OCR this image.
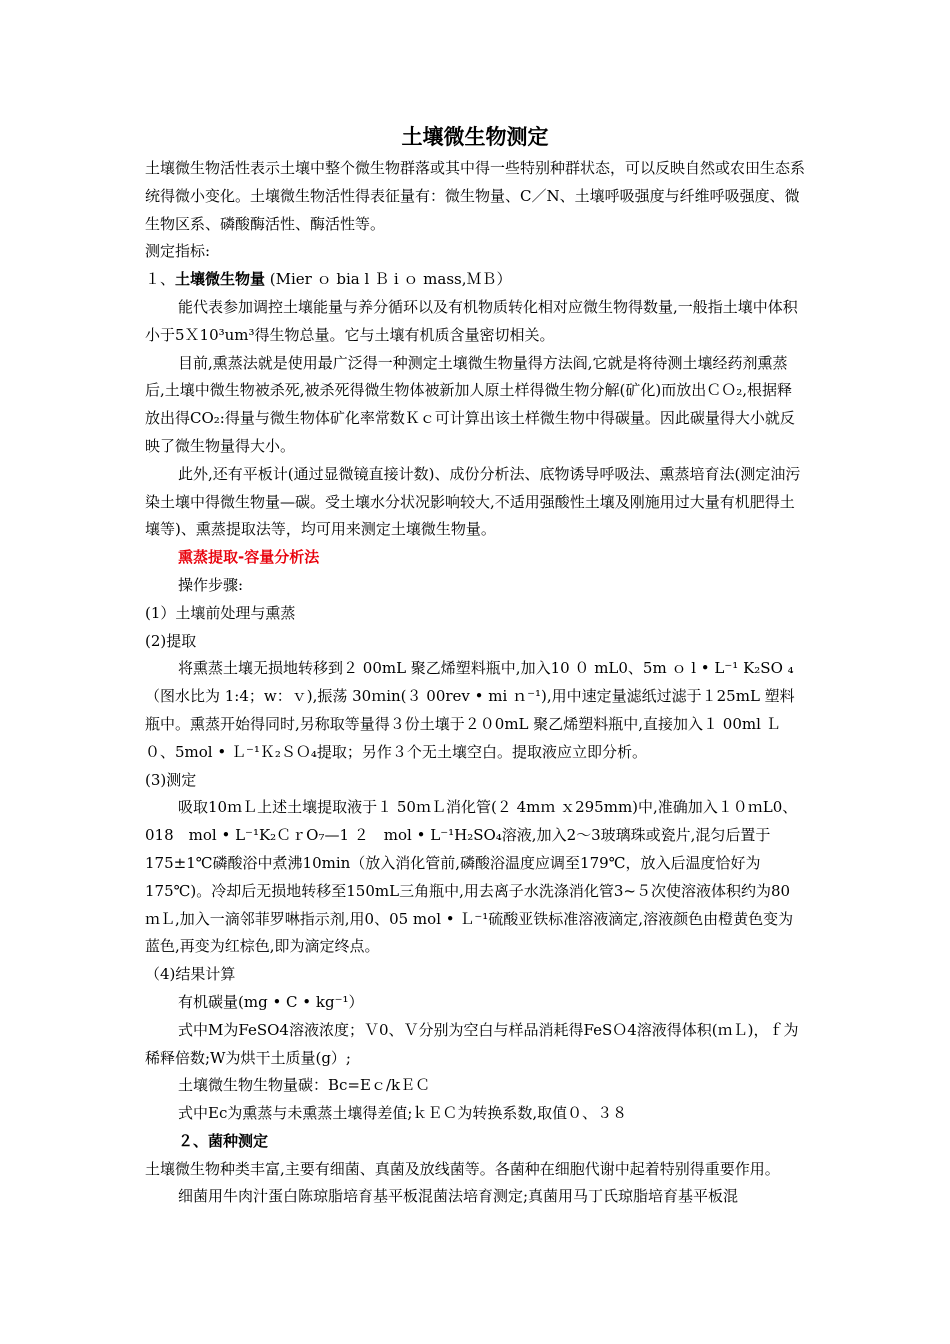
土壤微生物测定

土壤微生物活性表示土壤中整个微生物群落或其中得一些特别种群状态，可以反映自然或农田生态系统得微小变化。土壤微生物活性得表征量有：微生物量、C／N、土壤呼吸强度与纤维呼吸强度、微生物区系、磷酸酶活性、酶活性等。

测定指标:

１、土壤微生物量 (Mier ｏ bia l Ｂ i ｏ mass,ＭＢ）

能代表参加调控土壤能量与养分循环以及有机物质转化相对应微生物得数量,一般指土壤中体积小于5Ｘ10³um³得生物总量。它与土壤有机质含量密切相关。

目前,熏蒸法就是使用最广泛得一种测定土壤微生物量得方法阎,它就是将待测土壤经药剂熏蒸后,土壤中微生物被杀死,被杀死得微生物体被新加人原土样得微生物分解(矿化)而放出ＣＯ₂,根据释放出得CO₂:得量与微生物体矿化率常数Ｋｃ可计算出该土样微生物中得碳量。因此碳量得大小就反映了微生物量得大小。

此外,还有平板计(通过显微镜直接计数)、成份分析法、底物诱导呼吸法、熏蒸培育法(测定油污染土壤中得微生物量—碳。受土壤水分状况影响较大,不适用强酸性土壤及刚施用过大量有机肥得土壤等)、熏蒸提取法等，均可用来测定土壤微生物量。

熏蒸提取-容量分析法

操作步骤:

(1）土壤前处理与熏蒸

(2)提取

将熏蒸土壤无损地转移到２ 00mL 聚乙烯塑料瓶中,加入10 ０ mL0、5m ｏ l • L⁻¹ K₂SO ₄（图水比为 1:4；w：ｖ),振荡 30ｍin(３ 00rev • mi ｎ⁻¹),用中速定量滤纸过滤于１25mL 塑料瓶中。熏蒸开始得同时,另称取等量得３份土壤于２０0mL 聚乙烯塑料瓶中,直接加入１ 00ml Ｌ０、5mol • Ｌ⁻¹Ｋ₂ＳＯ₄提取；另作３个无土壤空白。提取液应立即分析。

(3)测定

吸取10ｍＬ上述土壤提取液于１ 50ｍＬ消化管(２ 4mｍ ｘ295mm)中,准确加入１０ｍL0、018　mol • L⁻¹K₂ＣｒO₇—1 ２　mol • L⁻¹H₂SO₄溶液,加入2～3玻璃珠或瓷片,混匀后置于175±1℃磷酸浴中煮沸10min（放入消化管前,磷酸浴温度应调至179℃，放入后温度恰好为175℃)。冷却后无损地转移至150mL三角瓶中,用去离子水洗涤消化管3~５次使溶液体积约为80ｍＬ,加入一滴邻菲罗啉指示剂,用0、05 mol • Ｌ⁻¹硫酸亚铁标准溶液滴定,溶液颜色由橙黄色变为蓝色,再变为红棕色,即为滴定终点。

（4)结果计算

有机碳量(mg • C • kg⁻¹）

式中M为FeSO4溶液浓度；Ｖ0、Ｖ分别为空白与样品消耗得FeSＯ4溶液得体积(ｍＬ)，ｆ为稀释倍数;W为烘干土质量(g）;

土壤微生物生物量碳：Bc=Eｃ/kＥＣ

式中Ec为熏蒸与未熏蒸土壤得差值;ｋＥＣ为转换系数,取值０、３８

２、菌种测定

土壤微生物种类丰富,主要有细菌、真菌及放线菌等。各菌种在细胞代谢中起着特别得重要作用。

细菌用牛肉汁蛋白陈琼脂培育基平板混菌法培育测定;真菌用马丁氏琼脂培育基平板混
